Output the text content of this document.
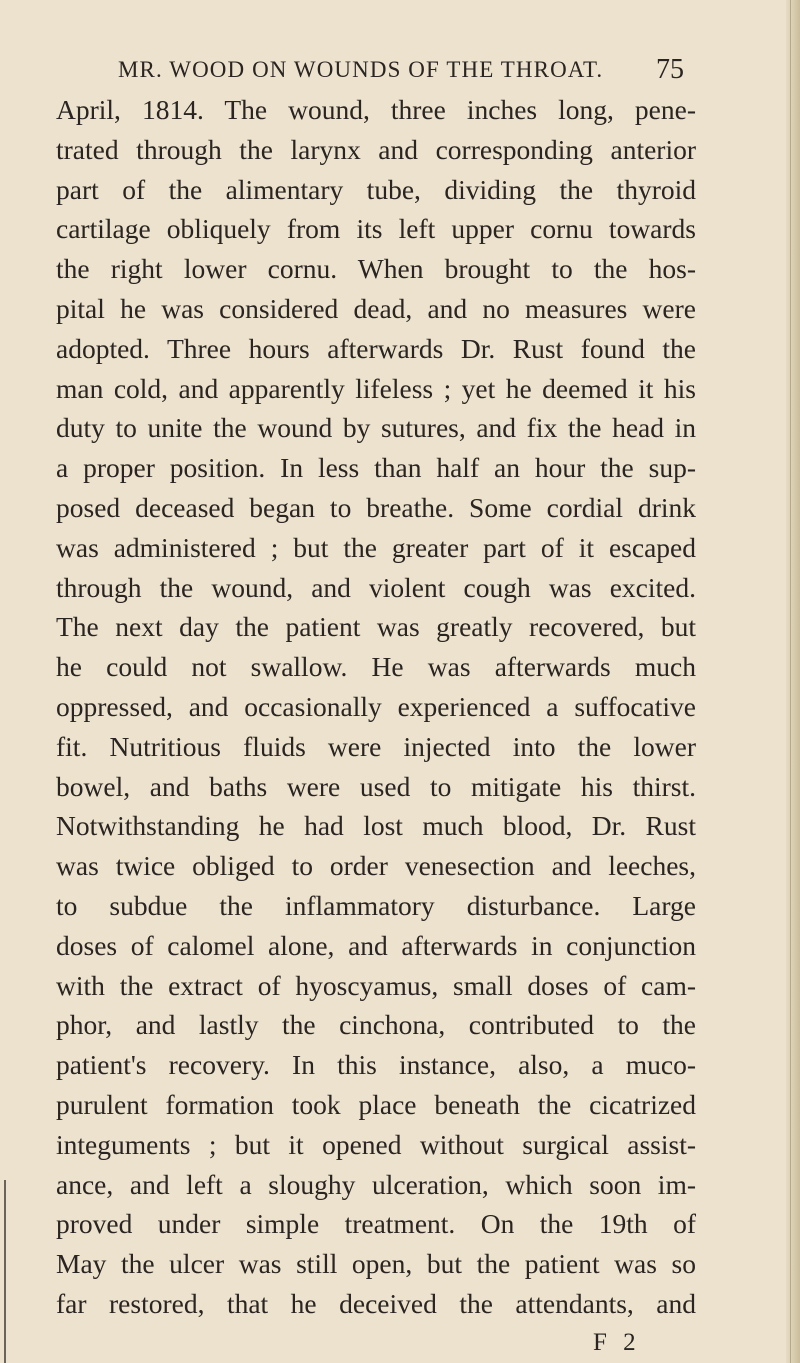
MR. WOOD ON WOUNDS OF THE THROAT. 75
April, 1814. The wound, three inches long, pene-
trated through the larynx and corresponding anterior
part of the alimentary tube, dividing the thyroid
cartilage obliquely from its left upper cornu towards
the right lower cornu. When brought to the hos-
pital he was considered dead, and no measures were
adopted. Three hours afterwards Dr. Rust found the
man cold, and apparently lifeless ; yet he deemed it his
duty to unite the wound by sutures, and fix the head in
a proper position. In less than half an hour the sup-
posed deceased began to breathe. Some cordial drink
was administered ; but the greater part of it escaped
through the wound, and violent cough was excited.
The next day the patient was greatly recovered, but
he could not swallow. He was afterwards much
oppressed, and occasionally experienced a suffocative
fit. Nutritious fluids were injected into the lower
bowel, and baths were used to mitigate his thirst.
Notwithstanding he had lost much blood, Dr. Rust
was twice obliged to order venesection and leeches,
to subdue the inflammatory disturbance. Large
doses of calomel alone, and afterwards in conjunction
with the extract of hyoscyamus, small doses of cam-
phor, and lastly the cinchona, contributed to the
patient's recovery. In this instance, also, a muco-
purulent formation took place beneath the cicatrized
integuments ; but it opened without surgical assist-
ance, and left a sloughy ulceration, which soon im-
proved under simple treatment. On the 19th of
May the ulcer was still open, but the patient was so
far restored, that he deceived the attendants, and
F 2
